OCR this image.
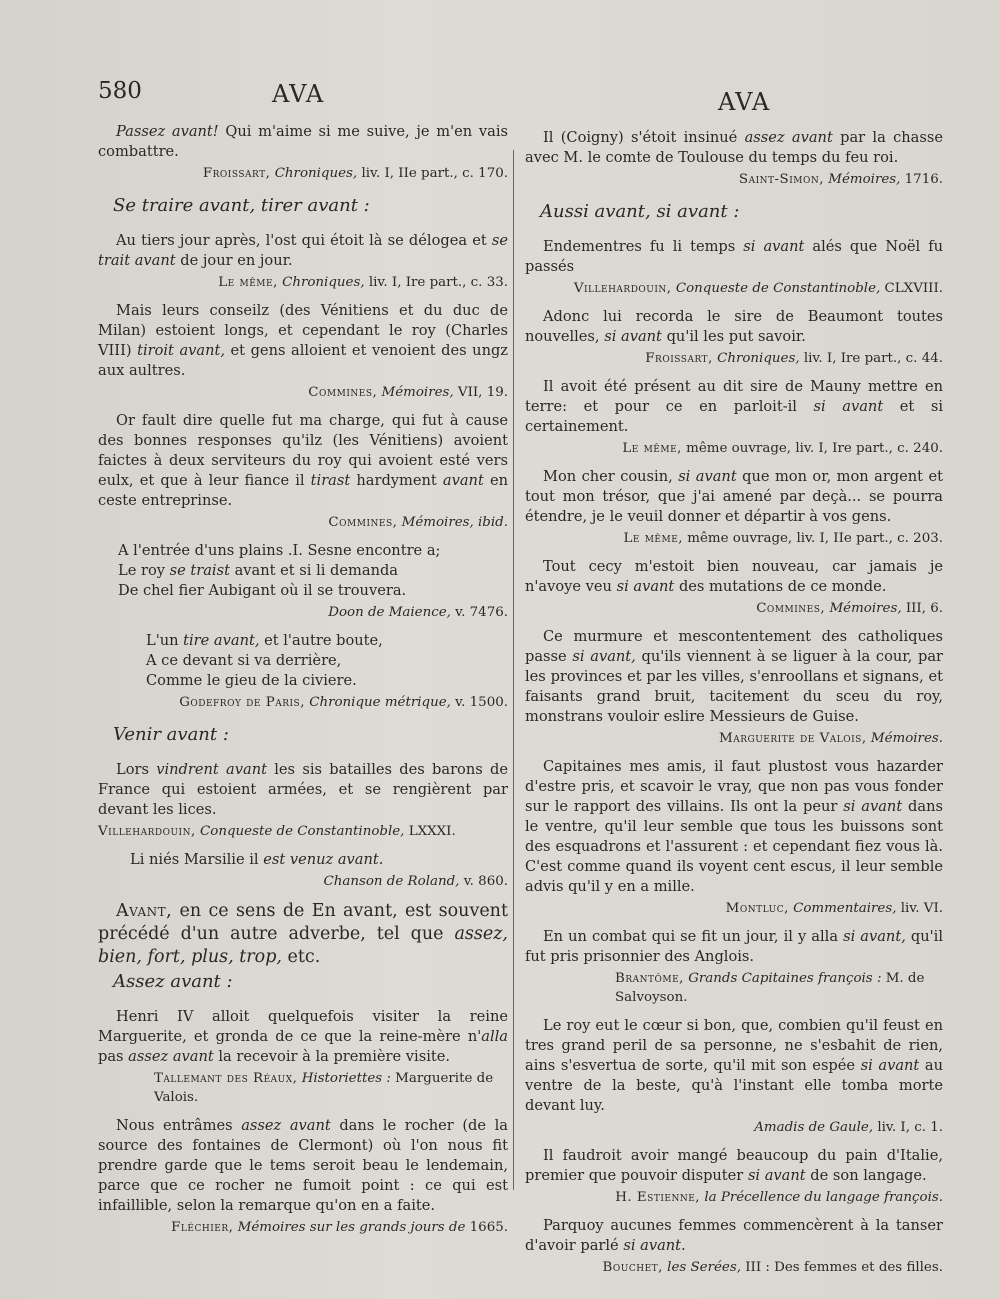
580	AVA	AVA

Passez avant! Qui m'aime si me suive, je m'en vais combattre.

Froissart, Chroniques, liv. I, IIe part., c. 170.
Se traire avant, tirer avant :

Au tiers jour après, l'ost qui étoit là se délogea et se trait avant de jour en jour.

Le même, Chroniques, liv. I, Ire part., c. 33.

Mais leurs conseilz (des Vénitiens et du duc de Milan) estoient longs, et cependant le roy (Charles VIII) tiroit avant, et gens alloient et venoient des ungz aux aultres.

Commines, Mémoires, VII, 19.

Or fault dire quelle fut ma charge, qui fut à cause des bonnes responses qu'ilz (les Vénitiens) avoient faictes à deux serviteurs du roy qui avoient esté vers eulx, et que à leur fiance il tirast hardyment avant en ceste entreprinse.

Commines, Mémoires, ibid.
A l'entrée d'uns plains .I. Sesne encontre a;
Le roy se traist avant et si li demanda
De chel fier Aubigant où il se trouvera.
Doon de Maience, v. 7476.
L'un tire avant, et l'autre boute,
A ce devant si va derrière,
Comme le gieu de la civiere.
Godefroy de Paris, Chronique métrique, v. 1500.
Venir avant :

Lors vindrent avant les sis batailles des barons de France qui estoient armées, et se rengièrent par devant les lices.

Villehardouin, Conqueste de Constantinoble, LXXXI.
Li niés Marsilie il est venuz avant.
Chanson de Roland, v. 860.

Avant, en ce sens de En avant, est souvent précédé d'un autre adverbe, tel que assez, bien, fort, plus, trop, etc.

Assez avant :

Henri IV alloit quelquefois visiter la reine Marguerite, et gronda de ce que la reine-mère n'alla pas assez avant la recevoir à la première visite.

Tallemant des Réaux, Historiettes : Marguerite de Valois.

Nous entrâmes assez avant dans le rocher (de la source des fontaines de Clermont) où l'on nous fit prendre garde que le tems seroit beau le lendemain, parce que ce rocher ne fumoit point : ce qui est infaillible, selon la remarque qu'on en a faite.

Fléchier, Mémoires sur les grands jours de 1665.

Il (Coigny) s'étoit insinué assez avant par la chasse avec M. le comte de Toulouse du temps du feu roi.

Saint-Simon, Mémoires, 1716.
Aussi avant, si avant :

Endementres fu li temps si avant alés que Noël fu passés

Villehardouin, Conqueste de Constantinoble, CLXVIII.

Adonc lui recorda le sire de Beaumont toutes nouvelles, si avant qu'il les put savoir.

Froissart, Chroniques, liv. I, Ire part., c. 44.

Il avoit été présent au dit sire de Mauny mettre en terre: et pour ce en parloit-il si avant et si certainement.

Le même, même ouvrage, liv. I, Ire part., c. 240.

Mon cher cousin, si avant que mon or, mon argent et tout mon trésor, que j'ai amené par deçà... se pourra étendre, je le veuil donner et départir à vos gens.

Le même, même ouvrage, liv. I, IIe part., c. 203.

Tout cecy m'estoit bien nouveau, car jamais je n'avoye veu si avant des mutations de ce monde.

Commines, Mémoires, III, 6.

Ce murmure et mescontentement des catholiques passe si avant, qu'ils viennent à se liguer à la cour, par les provinces et par les villes, s'enroollans et signans, et faisants grand bruit, tacitement du sceu du roy, monstrans vouloir eslire Messieurs de Guise.

Marguerite de Valois, Mémoires.

Capitaines mes amis, il faut plustost vous hazarder d'estre pris, et scavoir le vray, que non pas vous fonder sur le rapport des villains. Ils ont la peur si avant dans le ventre, qu'il leur semble que tous les buissons sont des esquadrons et l'assurent : et cependant fiez vous là. C'est comme quand ils voyent cent escus, il leur semble advis qu'il y en a mille.

Montluc, Commentaires, liv. VI.

En un combat qui se fit un jour, il y alla si avant, qu'il fut pris prisonnier des Anglois.

Brantôme, Grands Capitaines françois : M. de Salvoyson.

Le roy eut le cœur si bon, que, combien qu'il feust en tres grand peril de sa personne, ne s'esbahit de rien, ains s'esvertua de sorte, qu'il mit son espée si avant au ventre de la beste, qu'à l'instant elle tomba morte devant luy.

Amadis de Gaule, liv. I, c. 1.

Il faudroit avoir mangé beaucoup du pain d'Italie, premier que pouvoir disputer si avant de son langage.

H. Estienne, la Précellence du langage françois.

Parquoy aucunes femmes commencèrent à la tanser d'avoir parlé si avant.

Bouchet, les Serées, III : Des femmes et des filles.
